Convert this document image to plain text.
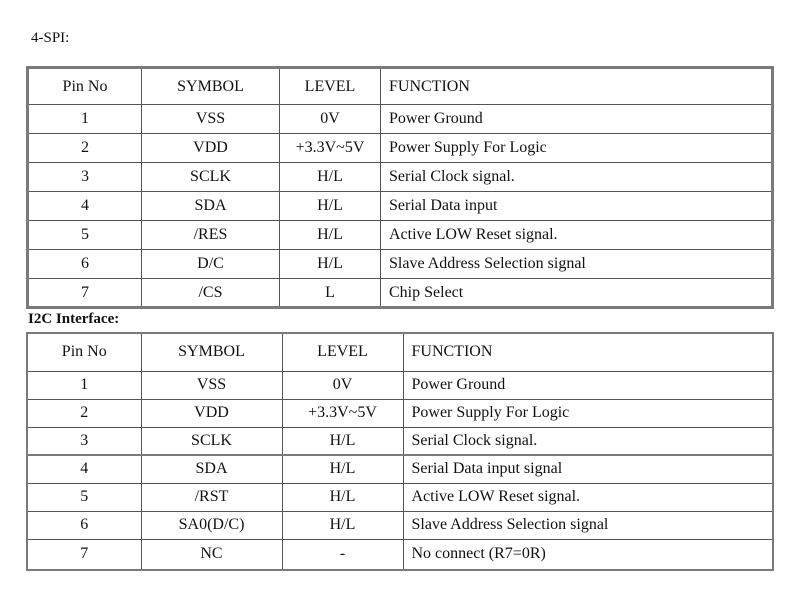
4-SPI:
Pin No	SYMBOL	LEVEL	FUNCTION
1	VSS	0V	Power Ground
2	VDD	+3.3V~5V	Power Supply For Logic
3	SCLK	H/L	Serial Clock signal.
4	SDA	H/L	Serial Data input
5	/RES	H/L	Active LOW Reset signal.
6	D/C	H/L	Slave Address Selection signal
7	/CS	L	Chip Select
I2C Interface:
Pin No	SYMBOL	LEVEL	FUNCTION
1	VSS	0V	Power Ground
2	VDD	+3.3V~5V	Power Supply For Logic
3	SCLK	H/L	Serial Clock signal.
4	SDA	H/L	Serial Data input signal
5	/RST	H/L	Active LOW Reset signal.
6	SA0(D/C)	H/L	Slave Address Selection signal
7	NC	-	No connect (R7=0R)
